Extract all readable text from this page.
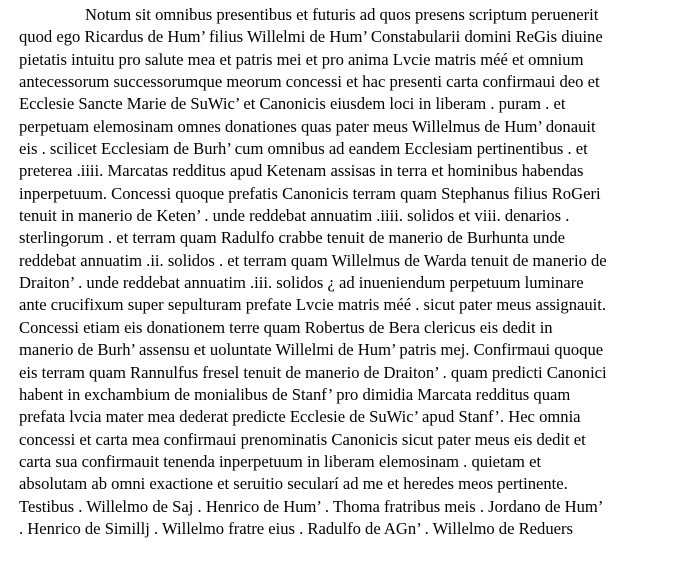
Notum sit omnibus presentibus et futuris ad quos presens scriptum peruenerit
quod ego Ricardus de Hum’ filius Willelmi de Hum’ Constabularii domini ReGis diuine
pietatis intuitu pro salute mea et patris mei et pro anima Lvcie matris méé et omnium
antecessorum successorumque meorum concessi et hac presenti carta confirmaui deo et
Ecclesie Sancte Marie de SuWic’ et Canonicis eiusdem loci in liberam . puram . et
perpetuam elemosinam omnes donationes quas pater meus Willelmus de Hum’ donauit
eis . scilicet Ecclesiam de Burh’ cum omnibus ad eandem Ecclesiam pertinentibus . et
preterea .iiii. Marcatas redditus apud Ketenam assisas in terra et hominibus habendas
inperpetuum. Concessi quoque prefatis Canonicis terram quam Stephanus filius RoGeri
tenuit in manerio de Keten’ . unde reddebat annuatim .iiii. solidos et viii. denarios .
sterlingorum . et terram quam Radulfo crabbe tenuit de manerio de Burhunta unde
reddebat annuatim .ii. solidos . et terram quam Willelmus de Warda tenuit de manerio de
Draiton’ . unde reddebat annuatim .iii. solidos ¿ ad inueniendum perpetuum luminare
ante crucifixum super sepulturam prefate Lvcie matris méé . sicut pater meus assignauit.
Concessi etiam eis donationem terre quam Robertus de Bera clericus eis dedit in
manerio de Burh’ assensu et uoluntate Willelmi de Hum’ patris mej. Confirmaui quoque
eis terram quam Rannulfus fresel tenuit de manerio de Draiton’ . quam predicti Canonici
habent in exchambium de monialibus de Stanf’ pro dimidia Marcata redditus quam
prefata lvcia mater mea dederat predicte Ecclesie de SuWic’ apud Stanf’. Hec omnia
concessi et carta mea confirmaui prenominatis Canonicis sicut pater meus eis dedit et
carta sua confirmauit tenenda inperpetuum in liberam elemosinam . quietam et
absolutam ab omni exactione et seruitio secularí ad me et heredes meos pertinente.
Testibus . Willelmo de Saj . Henrico de Hum’ . Thoma fratribus meis . Jordano de Hum’
. Henrico de Simillj . Willelmo fratre eius . Radulfo de AGn’ . Willelmo de Reduers
